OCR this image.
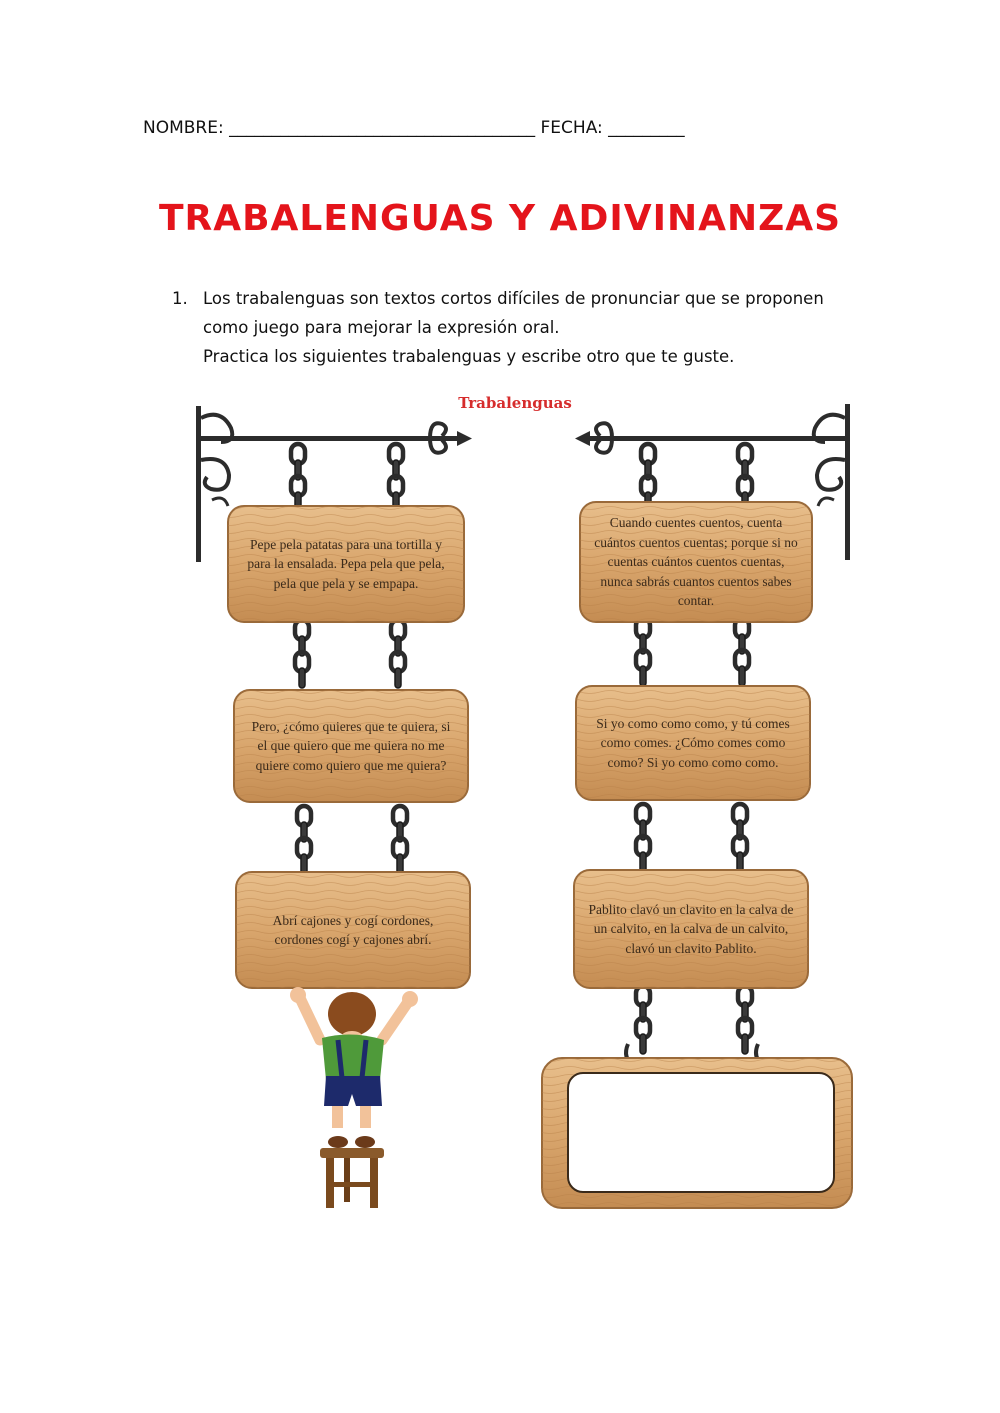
NOMBRE: ____________________________________ FECHA: _________
TRABALENGUAS Y ADIVINANZAS
1. Los trabalenguas son textos cortos difíciles de pronunciar que se proponen
como juego para mejorar la expresión oral.
Practica los siguientes trabalenguas y escribe otro que te guste.
Trabalenguas
Pepe pela patatas para una tortilla y para la ensalada. Pepa pela que pela, pela que pela y se empapa.
Pero, ¿cómo quieres que te quiera, si el que quiero que me quiera no me quiere como quiero que me quiera?
Abrí cajones y cogí cordones, cordones cogí y cajones abrí.
Cuando cuentes cuentos, cuenta cuántos cuentos cuentas; porque si no cuentas cuántos cuentos cuentas, nunca sabrás cuantos cuentos sabes contar.
Si yo como como como, y tú comes como comes. ¿Cómo comes como como? Si yo como como como.
Pablito clavó un clavito en la calva de un calvito, en la calva de un calvito, clavó un clavito Pablito.
